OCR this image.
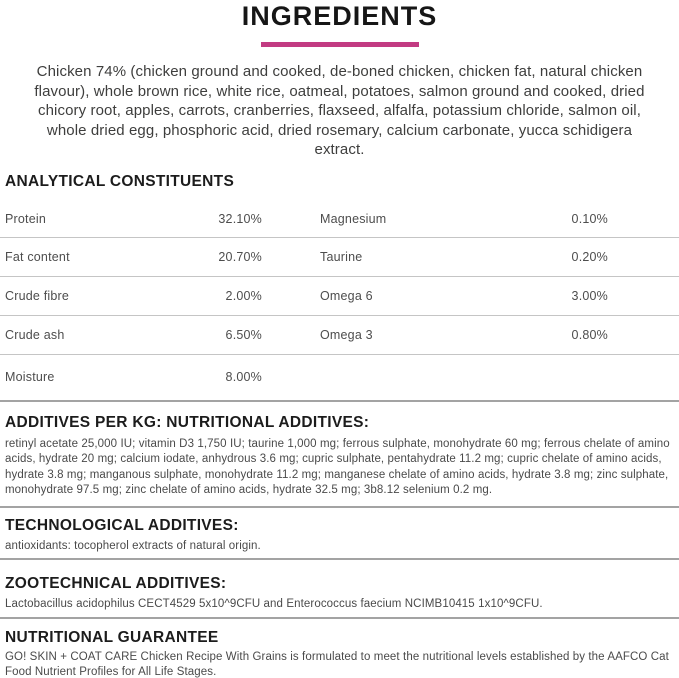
INGREDIENTS

Chicken 74% (chicken ground and cooked, de-boned chicken, chicken fat, natural chicken flavour), whole brown rice, white rice, oatmeal, potatoes, salmon ground and cooked, dried chicory root, apples, carrots, cranberries, flaxseed, alfalfa, potassium chloride, salmon oil, whole dried egg, phosphoric acid, dried rosemary, calcium carbonate, yucca schidigera extract.

ANALYTICAL CONSTITUENTS
Protein	32.10%	Magnesium	0.10%
Fat content	20.70%	Taurine	0.20%
Crude fibre	2.00%	Omega 6	3.00%
Crude ash	6.50%	Omega 3	0.80%
Moisture	8.00%
ADDITIVES PER KG: NUTRITIONAL ADDITIVES:

retinyl acetate 25,000 IU; vitamin D3 1,750 IU; taurine 1,000 mg; ferrous sulphate, monohydrate 60 mg; ferrous chelate of amino acids, hydrate 20 mg; calcium iodate, anhydrous 3.6 mg; cupric sulphate, pentahydrate 11.2 mg; cupric chelate of amino acids, hydrate 3.8 mg; manganous sulphate, monohydrate 11.2 mg; manganese chelate of amino acids, hydrate 3.8 mg; zinc sulphate, monohydrate 97.5 mg; zinc chelate of amino acids, hydrate 32.5 mg; 3b8.12 selenium 0.2 mg.

TECHNOLOGICAL ADDITIVES:

antioxidants: tocopherol extracts of natural origin.

ZOOTECHNICAL ADDITIVES:

Lactobacillus acidophilus CECT4529 5x10^9CFU and Enterococcus faecium NCIMB10415 1x10^9CFU.

NUTRITIONAL GUARANTEE

GO! SKIN + COAT CARE Chicken Recipe With Grains is formulated to meet the nutritional levels established by the AAFCO Cat Food Nutrient Profiles for All Life Stages.
